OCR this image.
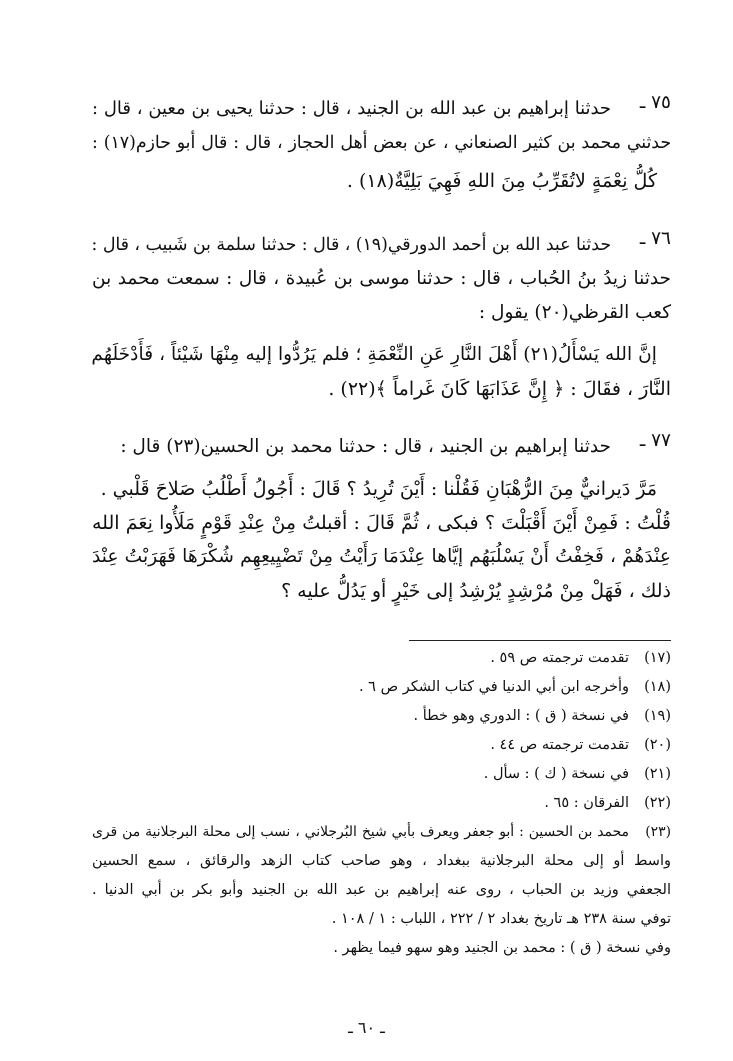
حدثنا إبراهيم بن عبد الله بن الجنيد ، قال : حدثنا يحيى بن معين ، قال :
حدثني محمد بن كثير الصنعاني ، عن بعض أهل الحجاز ، قال : قال أبو حازم(١٧) :
كُلُّ نِعْمَةٍ لاتُقَرِّبُ مِنَ اللهِ فَهِيَ بَلِيَّةٌ(١٨) .
٧٥ ـ
حدثنا عبد الله بن أحمد الدورقي(١٩) ، قال : حدثنا سلمة بن شَبيب ، قال :
حدثنا زيدُ بنُ الحُباب ، قال : حدثنا موسى بن عُبيدة ، قال : سمعت محمد بن
كعب القرظي(٢٠) يقول :
إنَّ الله يَسْأَلُ(٢١) أَهْلَ النَّارِ عَنِ النِّعْمَةِ ؛ فلم يَرُدُّوا إليه مِنْهَا شَيْئاً ، فَأَدْخَلَهُم
النَّارَ ، فقَالَ : ﴿ إِنَّ عَذَابَهَا كَانَ غَراماً ﴾(٢٢) .
٧٦ ـ
حدثنا إبراهيم بن الجنيد ، قال : حدثنا محمد بن الحسين(٢٣) قال :
مَرَّ دَيرانيٌّ مِنَ الرُّهْبَانِ فَقُلْنا : أَيْنَ تُرِيدُ ؟ قَالَ : أَجُولُ أَطْلُبُ صَلاحَ قَلْبي .
قُلْتُ : فَمِنْ أَيْنَ أَقْبَلْتَ ؟ فبكى ، ثُمَّ قَالَ : أقبلتُ مِنْ عِنْدِ قَوْمٍ مَلَأُوا نِعَمَ الله
عِنْدَهُمْ ، فَخِفْتُ أَنْ يَسْلُبَهُم إيَّاها عِنْدَمَا رَأَيْتُ مِنْ تَضْيِيعِهِم شُكْرَهَا فَهَرَبْتُ عِنْدَ
ذلك ، فَهَلْ مِنْ مُرْشِدٍ يُرْشِدُ إلى خَيْرٍ أو يَدُلُّ عليه ؟
٧٧ ـ
(١٧)تقدمت ترجمته ص ٥٩ .
(١٨)وأخرجه ابن أبي الدنيا في كتاب الشكر ص ٦ .
(١٩)في نسخة ( ق ) : الدوري وهو خطأ .
(٢٠)تقدمت ترجمته ص ٤٤ .
(٢١)في نسخة ( ك ) : سأل .
(٢٢)الفرقان : ٦٥ .
(٢٣)محمد بن الحسين : أبو جعفر ويعرف بأبي شيخ البُرجلاني ، نسب إلى محلة البرجلانية من قرى
واسط أو إلى محلة البرجلانية ببغداد ، وهو صاحب كتاب الزهد والرقائق ، سمع الحسين
الجعفي وزيد بن الحباب ، روى عنه إبراهيم بن عبد الله بن الجنيد وأبو بكر بن أبي الدنيا .
توفي سنة ٢٣٨ هـ تاريخ بغداد ٢ / ٢٢٢ ، اللباب : ١ / ١٠٨ .
وفي نسخة ( ق ) : محمد بن الجنيد وهو سهو فيما يظهر .
ـ ٦٠ ـ
